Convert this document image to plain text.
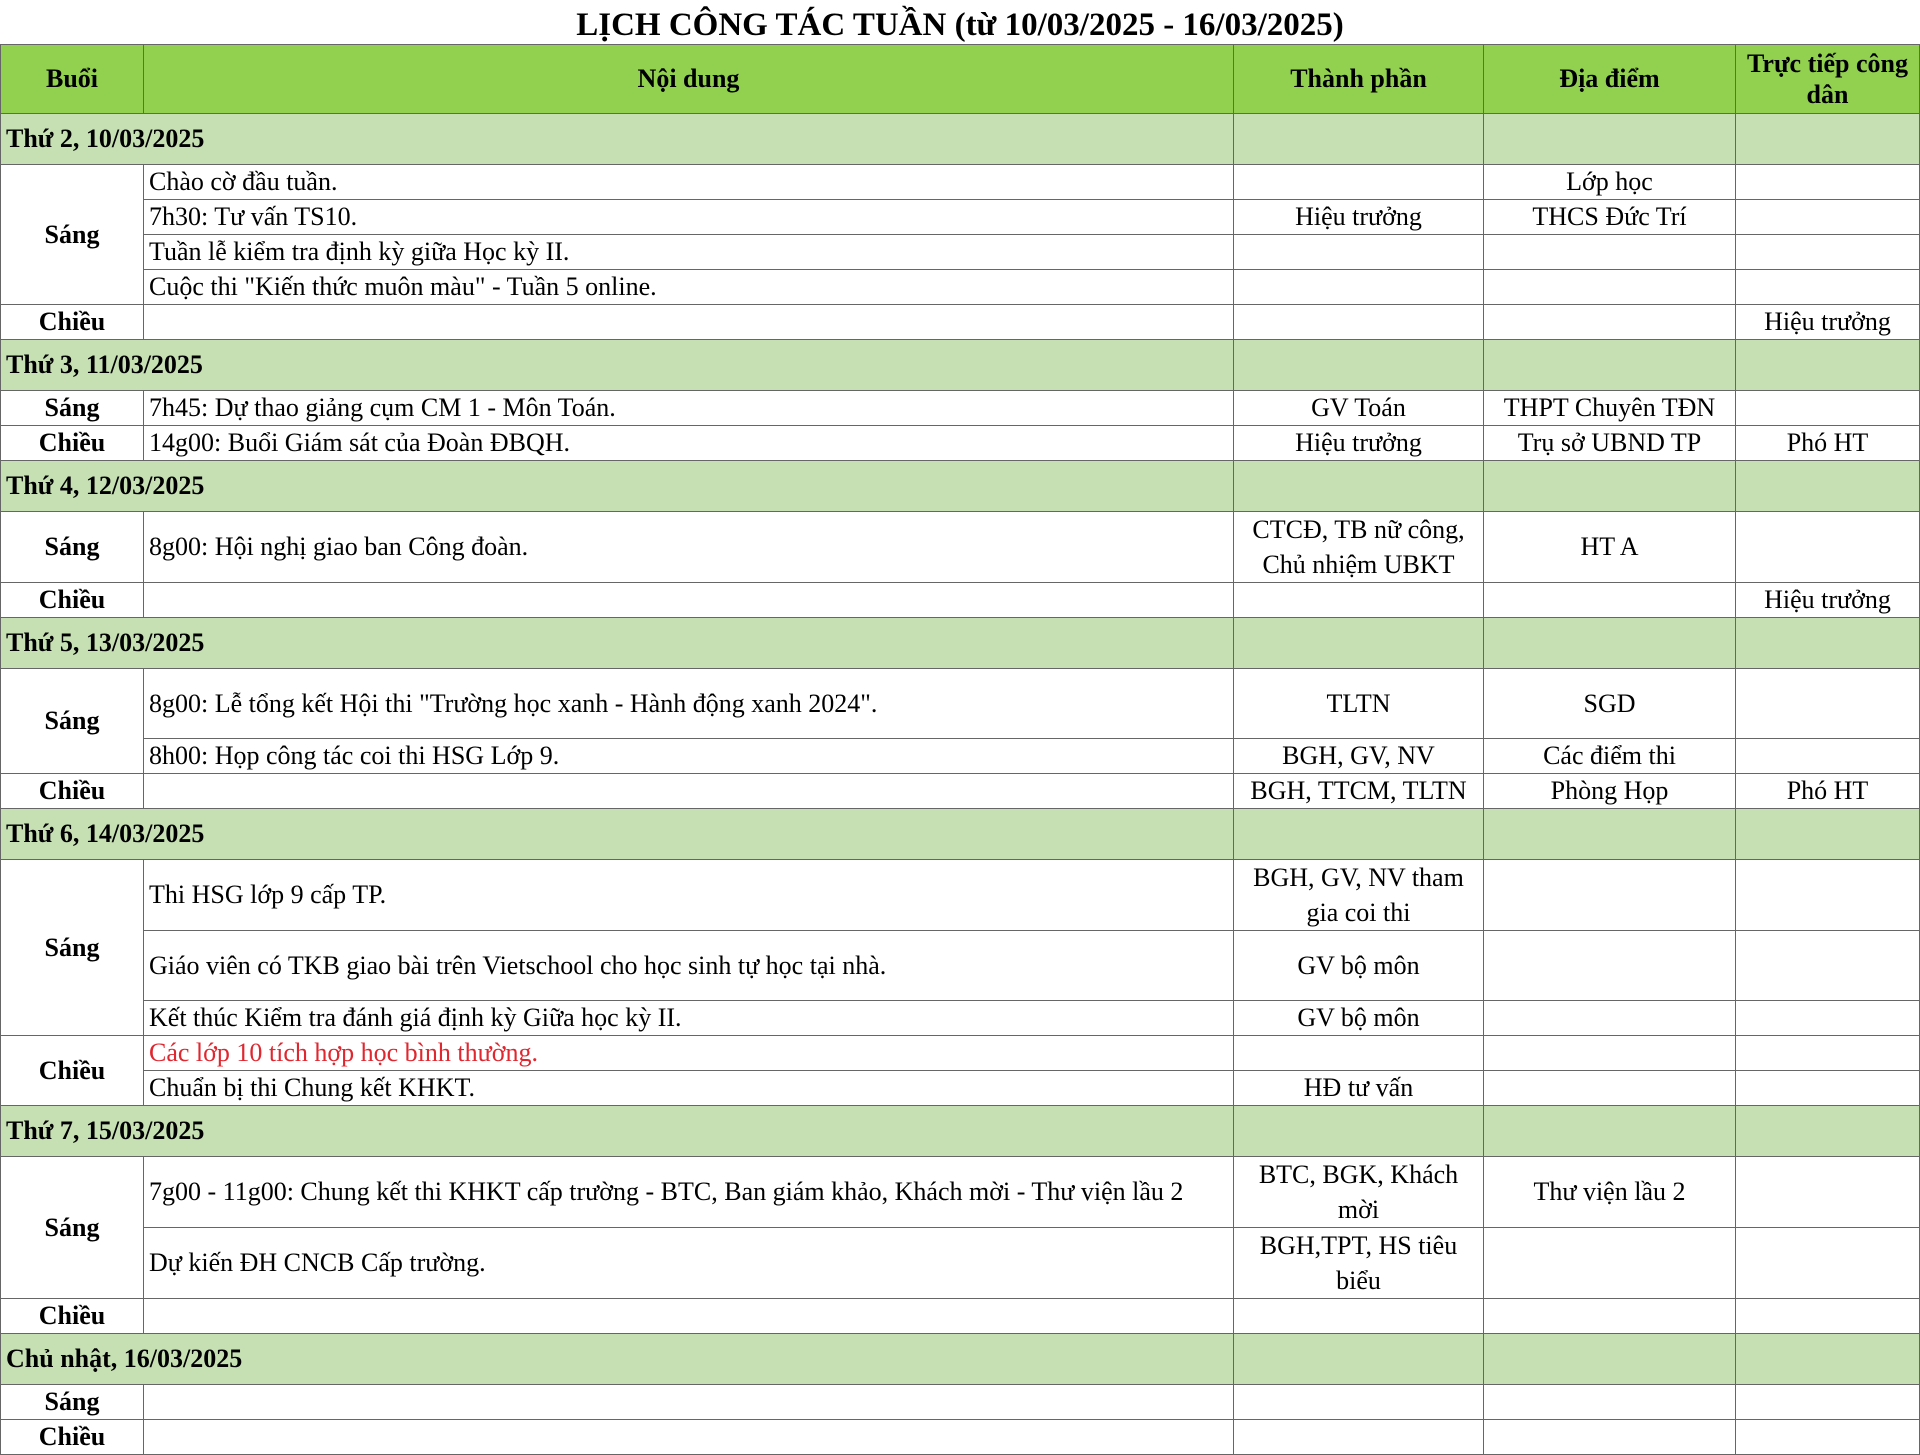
LỊCH CÔNG TÁC TUẦN (từ 10/03/2025 - 16/03/2025)
Buổi	Nội dung	Thành phần	Địa điểm	Trực tiếp công dân
Thứ 2, 10/03/2025				
Sáng	Chào cờ đầu tuần.		Lớp học	
	7h30: Tư vấn TS10.	Hiệu trưởng	THCS Đức Trí	
	Tuần lễ kiểm tra định kỳ giữa Học kỳ II.			
	Cuộc thi "Kiến thức muôn màu" - Tuần 5 online.			
Chiều				Hiệu trưởng
Thứ 3, 11/03/2025				
Sáng	7h45: Dự thao giảng cụm CM 1 - Môn Toán.	GV Toán	THPT Chuyên TĐN	
Chiều	14g00: Buổi Giám sát của Đoàn ĐBQH.	Hiệu trưởng	Trụ sở UBND TP	Phó HT
Thứ 4, 12/03/2025				
Sáng	8g00: Hội nghị giao ban Công đoàn.	CTCĐ, TB nữ công, Chủ nhiệm UBKT	HT A	
Chiều				Hiệu trưởng
Thứ 5, 13/03/2025				
Sáng	8g00: Lễ tổng kết Hội thi "Trường học xanh - Hành động xanh 2024".	TLTN	SGD	
	8h00: Họp công tác coi thi HSG Lớp 9.	BGH, GV, NV	Các điểm thi	
Chiều		BGH, TTCM, TLTN	Phòng Họp	Phó HT
Thứ 6, 14/03/2025				
Sáng	Thi HSG lớp 9 cấp TP.	BGH, GV, NV tham gia coi thi		
	Giáo viên có TKB giao bài trên Vietschool cho học sinh tự học tại nhà.	GV bộ môn		
	Kết thúc Kiểm tra đánh giá định kỳ Giữa học kỳ II.	GV bộ môn		
Chiều	Các lớp 10 tích hợp học bình thường.			
	Chuẩn bị thi Chung kết KHKT.	HĐ tư vấn		
Thứ 7, 15/03/2025				
Sáng	7g00 - 11g00: Chung kết thi KHKT cấp trường - BTC, Ban giám khảo, Khách mời - Thư viện lầu 2	BTC, BGK, Khách mời	Thư viện lầu 2	
	Dự kiến ĐH CNCB Cấp trường.	BGH,TPT, HS tiêu biểu		
Chiều				
Chủ nhật, 16/03/2025				
Sáng				
Chiều				
